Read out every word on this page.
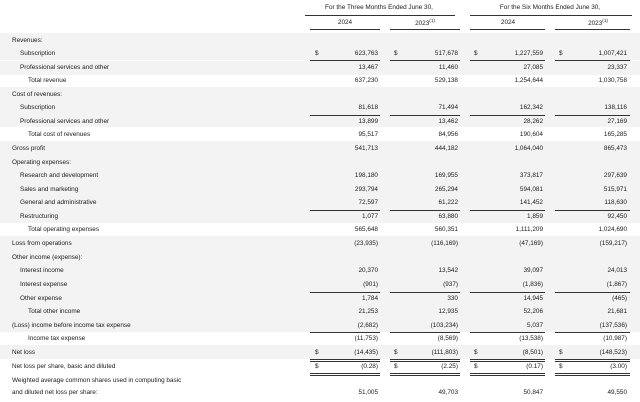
For the Three Months Ended June 30,	For the Six Months Ended June 30,
2024	2023$^{(1)}$	2024	2023$^{(1)}$
Revenues:
Subscription	$	623,763	$	517,678	$	1,227,559	$	1,007,421
Professional services and other	13,467	11,460	27,085	23,337
Total revenue	637,230	529,138	1,254,644	1,030,758
Cost of revenues:
Subscription	81,618	71,494	162,342	138,116
Professional services and other	13,899	13,462	28,262	27,169
Total cost of revenues	95,517	84,956	190,604	165,285
Gross profit	541,713	444,182	1,064,040	865,473
Operating expenses:
Research and development	198,180	169,955	373,817	297,639
Sales and marketing	293,794	265,294	594,081	515,971
General and administrative	72,597	61,222	141,452	118,630
Restructuring	1,077	63,880	1,859	92,450
Total operating expenses	565,648	560,351	1,111,209	1,024,690
Loss from operations	(23,935)	(116,169)	(47,169)	(159,217)
Other income (expense):
Interest income	20,370	13,542	39,097	24,013
Interest expense	(901)	(937)	(1,836)	(1,867)
Other expense	1,784	330	14,945	(465)
Total other income	21,253	12,935	52,206	21,681
(Loss) income before income tax expense	(2,682)	(103,234)	5,037	(137,536)
Income tax expense	(11,753)	(8,569)	(13,538)	(10,987)
Net loss	$	(14,435)	$	(111,803)	$	(8,501)	$	(148,523)
Net loss per share, basic and diluted	$	(0.28)	$	(2.25)	$	(0.17)	$	(3.00)
Weighted average common shares used in computing basic
and diluted net loss per share:	51,005	49,703	50,847	49,550
